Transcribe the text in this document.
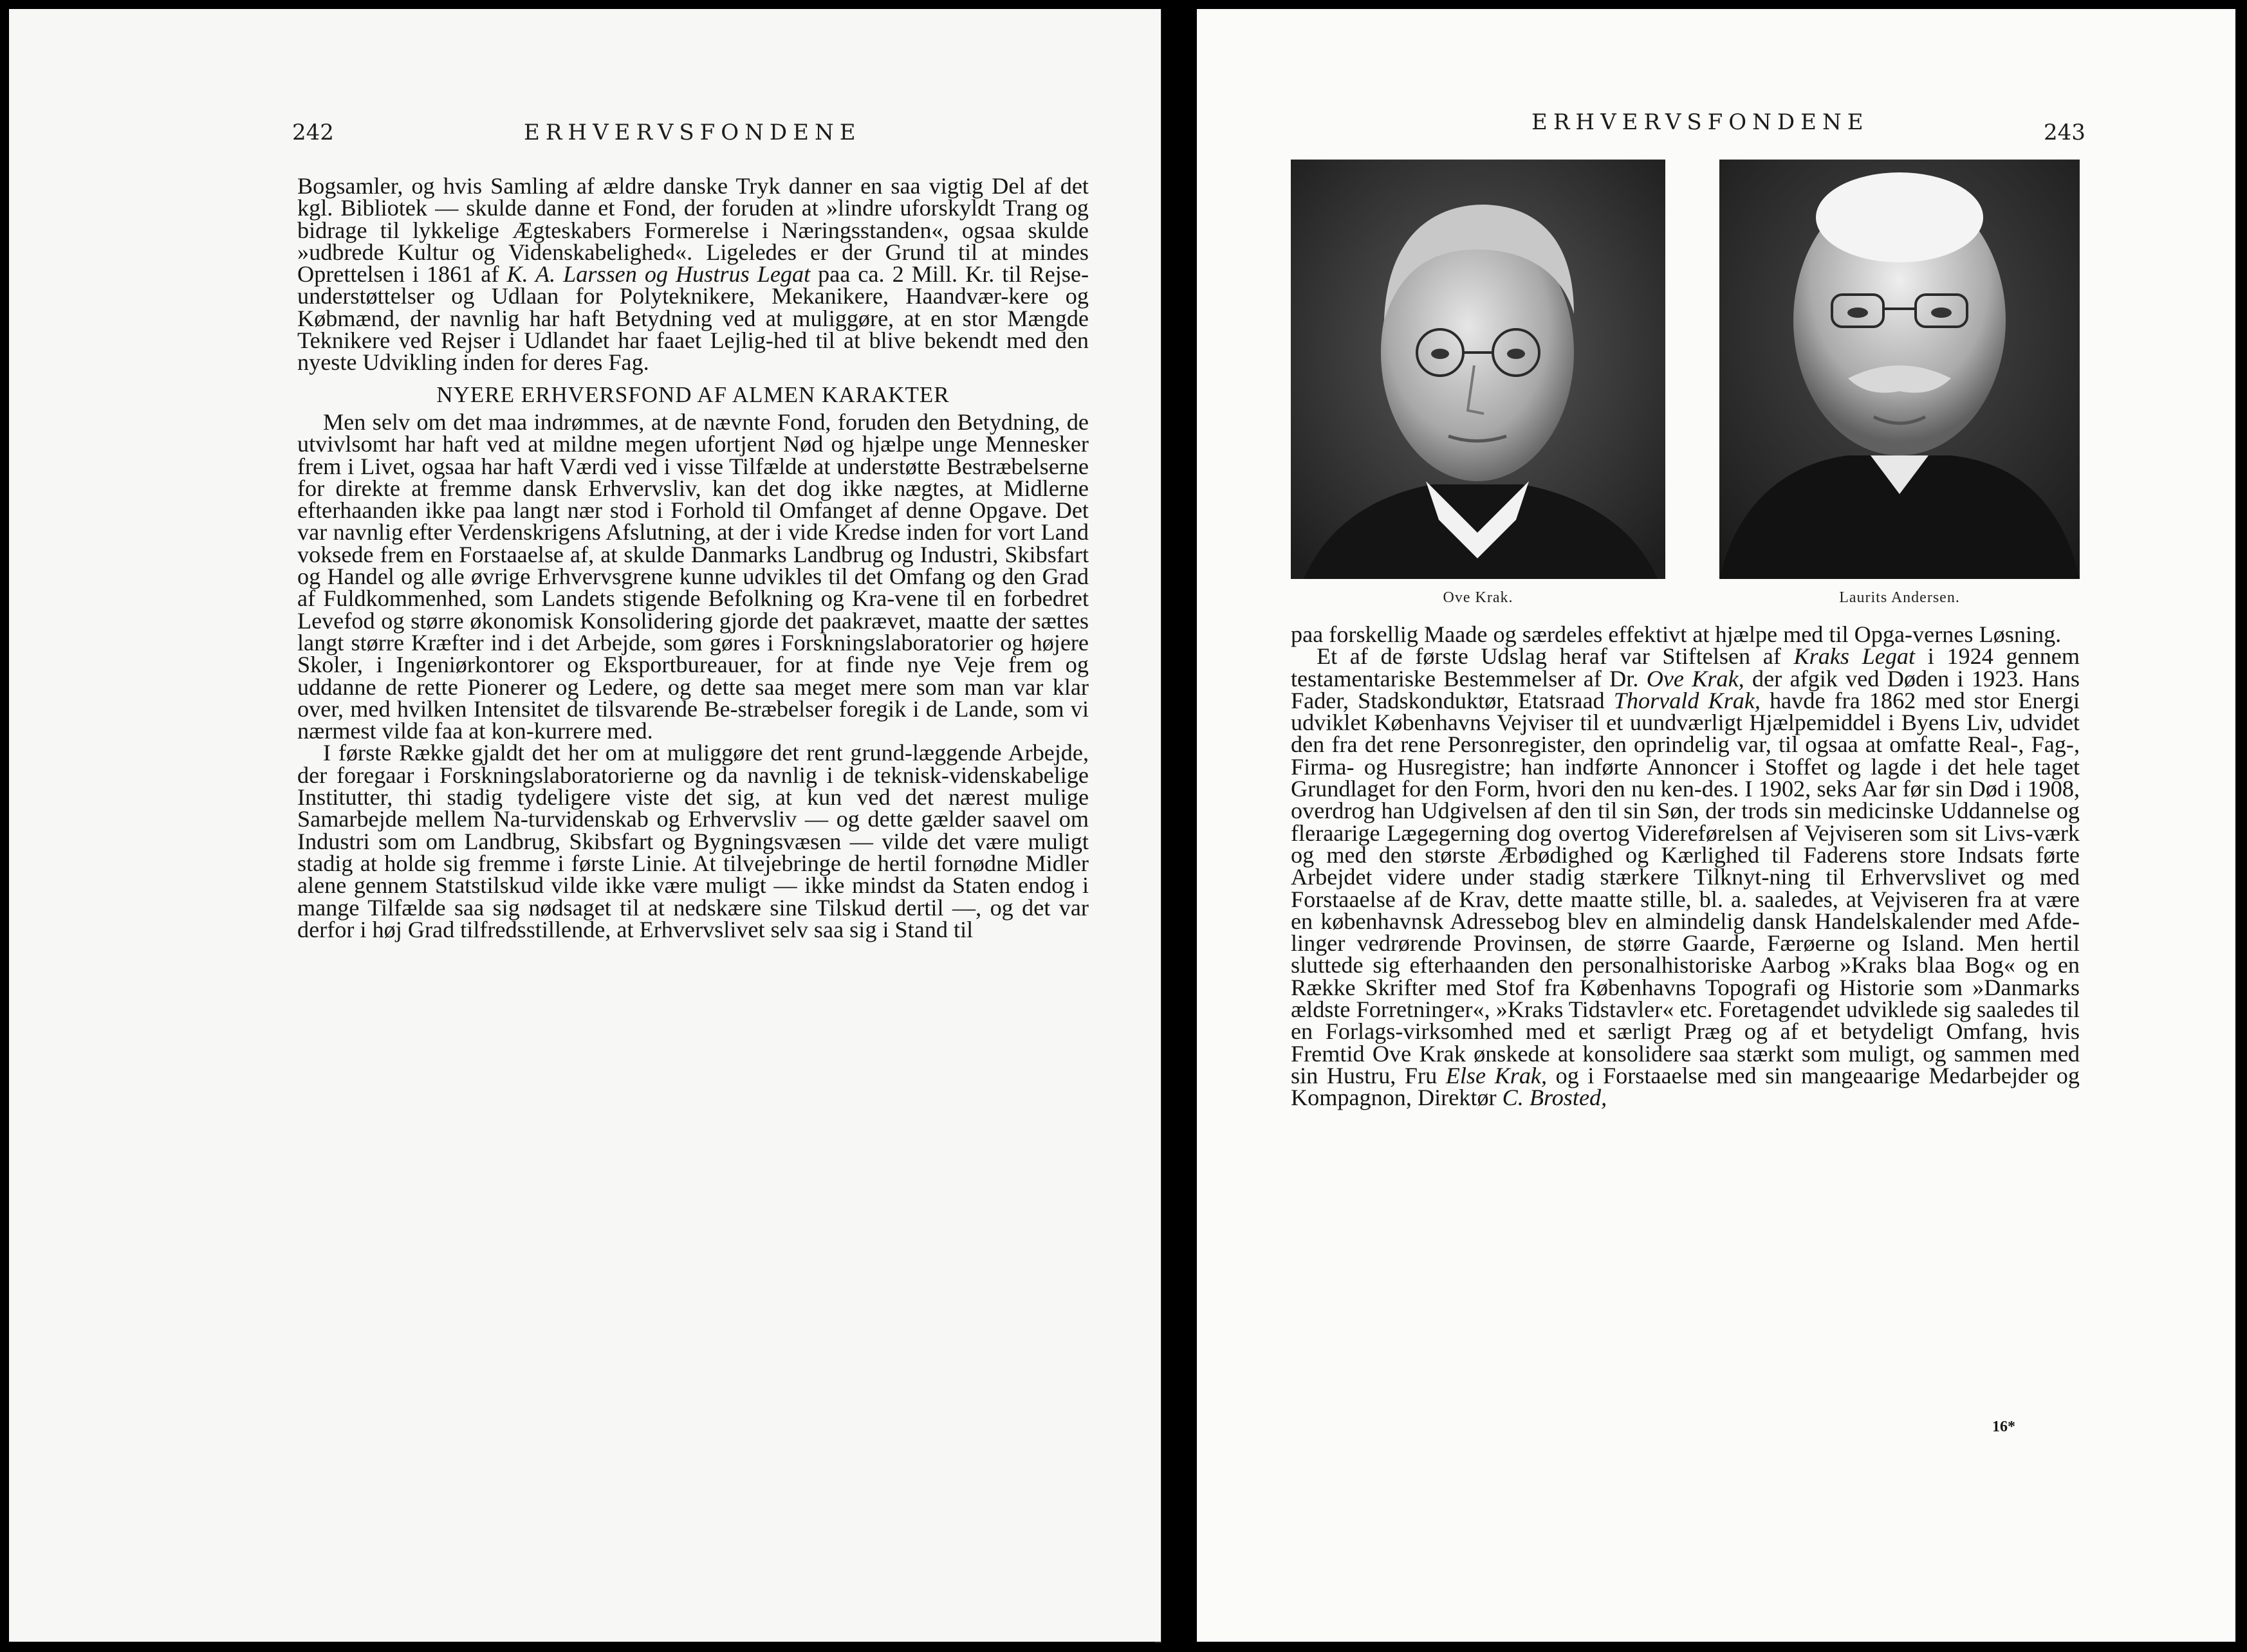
242	ERHVERVSFONDENE

Bogsamler, og hvis Samling af ældre danske Tryk danner en saa vigtig Del af det kgl. Bibliotek — skulde danne et Fond, der foruden at »lindre uforskyldt Trang og bidrage til lykkelige Ægteskabers Formerelse i Næringsstanden«, ogsaa skulde »udbrede Kultur og Videnskabelighed«. Ligeledes er der Grund til at mindes Oprettelsen i 1861 af K. A. Larssen og Hustrus Legat paa ca. 2 Mill. Kr. til Rejse-understøttelser og Udlaan for Polyteknikere, Mekanikere, Haandvær-kere og Købmænd, der navnlig har haft Betydning ved at muliggøre, at en stor Mængde Teknikere ved Rejser i Udlandet har faaet Lejlig-hed til at blive bekendt med den nyeste Udvikling inden for deres Fag.

NYERE ERHVERSFOND AF ALMEN KARAKTER

Men selv om det maa indrømmes, at de nævnte Fond, foruden den Betydning, de utvivlsomt har haft ved at mildne megen ufortjent Nød og hjælpe unge Mennesker frem i Livet, ogsaa har haft Værdi ved i visse Tilfælde at understøtte Bestræbelserne for direkte at fremme dansk Erhvervsliv, kan det dog ikke nægtes, at Midlerne efterhaanden ikke paa langt nær stod i Forhold til Omfanget af denne Opgave. Det var navnlig efter Verdenskrigens Afslutning, at der i vide Kredse inden for vort Land voksede frem en Forstaaelse af, at skulde Danmarks Landbrug og Industri, Skibsfart og Handel og alle øvrige Erhvervsgrene kunne udvikles til det Omfang og den Grad af Fuldkommenhed, som Landets stigende Befolkning og Kra-vene til en forbedret Levefod og større økonomisk Konsolidering gjorde det paakrævet, maatte der sættes langt større Kræfter ind i det Arbejde, som gøres i Forskningslaboratorier og højere Skoler, i Ingeniørkontorer og Eksportbureauer, for at finde nye Veje frem og uddanne de rette Pionerer og Ledere, og dette saa meget mere som man var klar over, med hvilken Intensitet de tilsvarende Be-stræbelser foregik i de Lande, som vi nærmest vilde faa at kon-kurrere med.

I første Række gjaldt det her om at muliggøre det rent grund-læggende Arbejde, der foregaar i Forskningslaboratorierne og da navnlig i de teknisk-videnskabelige Institutter, thi stadig tydeligere viste det sig, at kun ved det nærest mulige Samarbejde mellem Na-turvidenskab og Erhvervsliv — og dette gælder saavel om Industri som om Landbrug, Skibsfart og Bygningsvæsen — vilde det være muligt stadig at holde sig fremme i første Linie. At tilvejebringe de hertil fornødne Midler alene gennem Statstilskud vilde ikke være muligt — ikke mindst da Staten endog i mange Tilfælde saa sig nødsaget til at nedskære sine Tilskud dertil —, og det var derfor i høj Grad tilfredsstillende, at Erhvervslivet selv saa sig i Stand til

ERHVERVSFONDENE	243
Ove Krak.	Laurits Andersen.

paa forskellig Maade og særdeles effektivt at hjælpe med til Opga-vernes Løsning.

Et af de første Udslag heraf var Stiftelsen af Kraks Legat i 1924 gennem testamentariske Bestemmelser af Dr. Ove Krak, der afgik ved Døden i 1923. Hans Fader, Stadskonduktør, Etatsraad Thorvald Krak, havde fra 1862 med stor Energi udviklet Københavns Vejviser til et uundværligt Hjælpemiddel i Byens Liv, udvidet den fra det rene Personregister, den oprindelig var, til ogsaa at omfatte Real-, Fag-, Firma- og Husregistre; han indførte Annoncer i Stoffet og lagde i det hele taget Grundlaget for den Form, hvori den nu ken-des. I 1902, seks Aar før sin Død i 1908, overdrog han Udgivelsen af den til sin Søn, der trods sin medicinske Uddannelse og fleraarige Lægegerning dog overtog Videreførelsen af Vejviseren som sit Livs-værk og med den største Ærbødighed og Kærlighed til Faderens store Indsats førte Arbejdet videre under stadig stærkere Tilknyt-ning til Erhvervslivet og med Forstaaelse af de Krav, dette maatte stille, bl. a. saaledes, at Vejviseren fra at være en københavnsk Adressebog blev en almindelig dansk Handelskalender med Afde-linger vedrørende Provinsen, de større Gaarde, Færøerne og Island. Men hertil sluttede sig efterhaanden den personalhistoriske Aarbog »Kraks blaa Bog« og en Række Skrifter med Stof fra Københavns Topografi og Historie som »Danmarks ældste Forretninger«, »Kraks Tidstavler« etc. Foretagendet udviklede sig saaledes til en Forlags-virksomhed med et særligt Præg og af et betydeligt Omfang, hvis Fremtid Ove Krak ønskede at konsolidere saa stærkt som muligt, og sammen med sin Hustru, Fru Else Krak, og i Forstaaelse med sin mangeaarige Medarbejder og Kompagnon, Direktør C. Brosted,

16*
